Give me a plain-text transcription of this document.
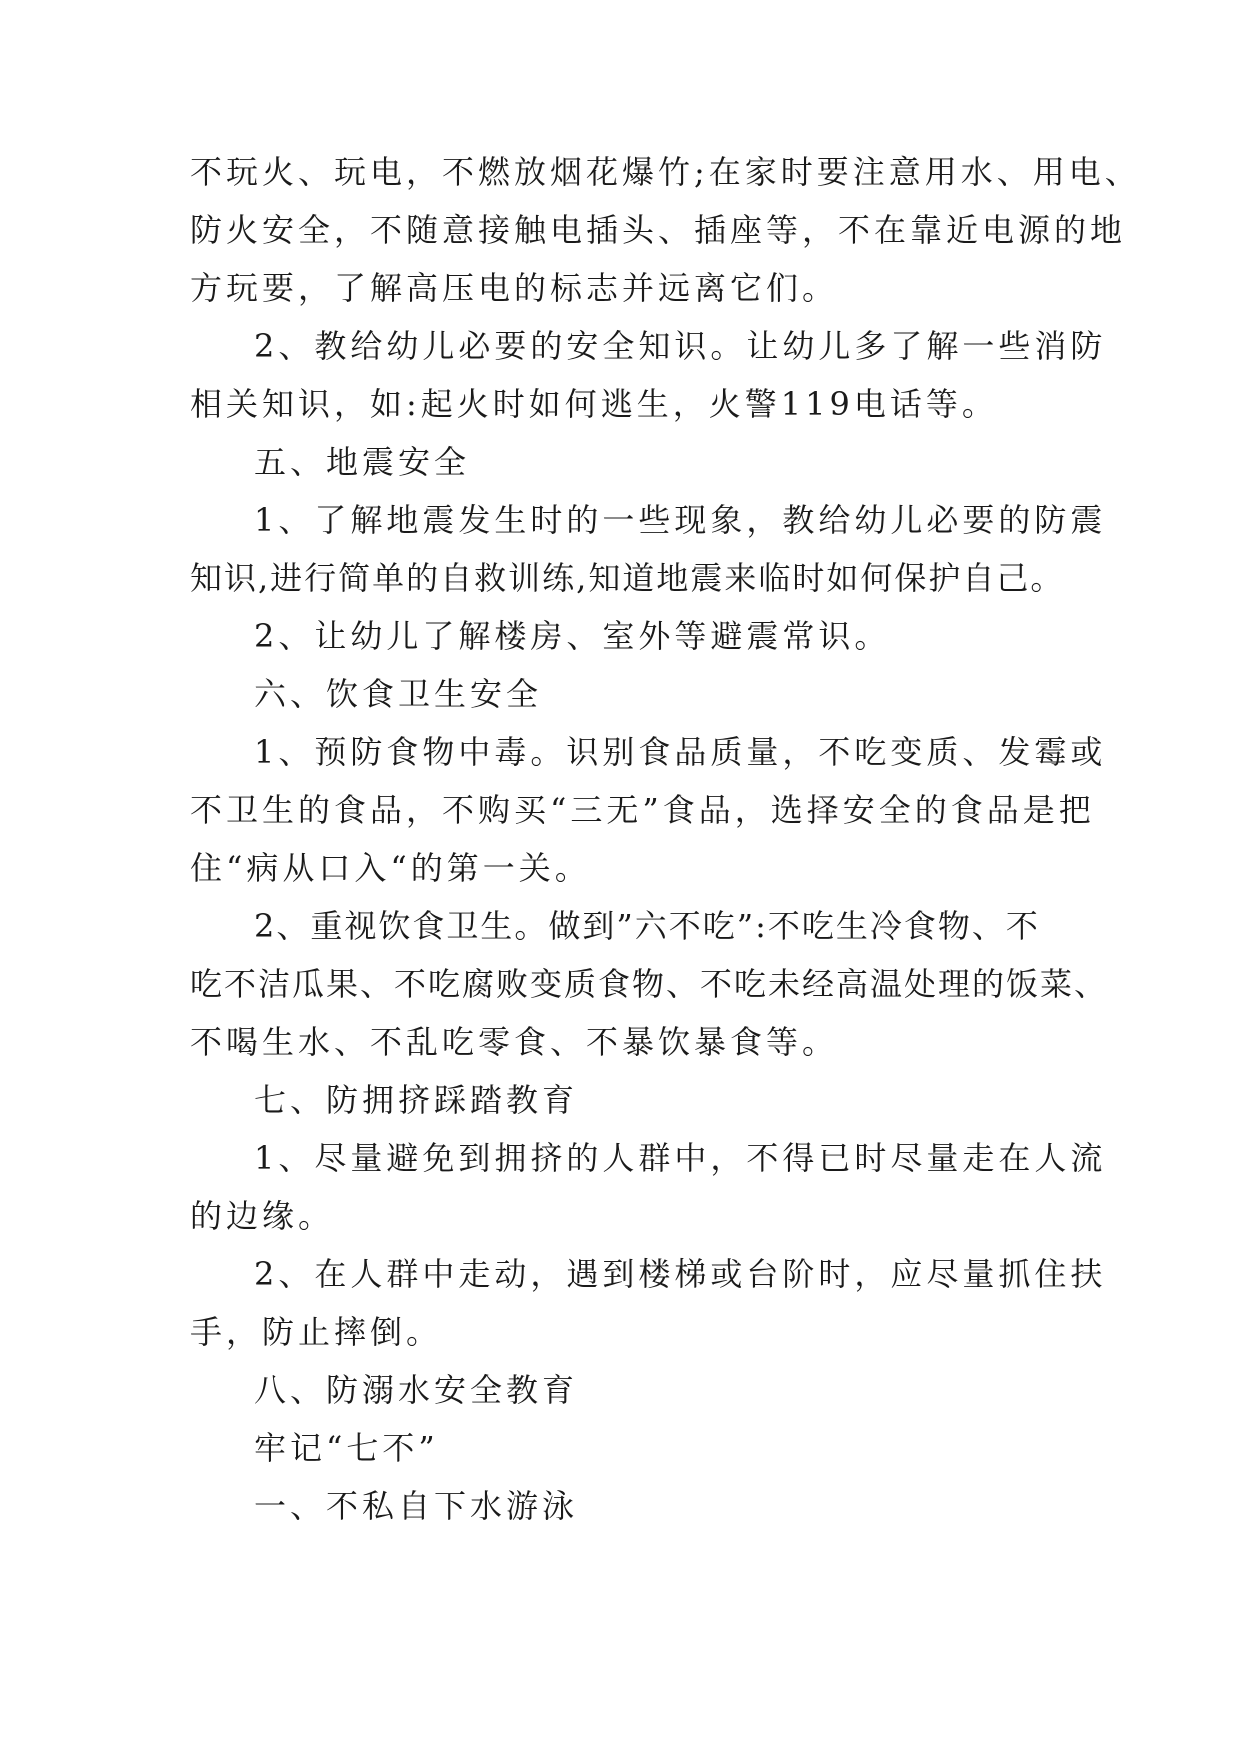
不玩火、玩电，不燃放烟花爆竹;在家时要注意用水、用电、
防火安全，不随意接触电插头、插座等，不在靠近电源的地
方玩要，了解高压电的标志并远离它们。
2、教给幼儿必要的安全知识。让幼儿多了解一些消防
相关知识，如:起火时如何逃生，火警119电话等。
五、地震安全
1、了解地震发生时的一些现象，教给幼儿必要的防震
知识,进行简单的自救训练,知道地震来临时如何保护自己。
2、让幼儿了解楼房、室外等避震常识。
六、饮食卫生安全
1、预防食物中毒。识别食品质量，不吃变质、发霉或
不卫生的食品，不购买“三无”食品，选择安全的食品是把
住“病从口入“的第一关。
2、重视饮食卫生。做到”六不吃”:不吃生冷食物、不
吃不洁瓜果、不吃腐败变质食物、不吃未经高温处理的饭菜、
不喝生水、不乱吃零食、不暴饮暴食等。
七、防拥挤踩踏教育
1、尽量避免到拥挤的人群中，不得已时尽量走在人流
的边缘。
2、在人群中走动，遇到楼梯或台阶时，应尽量抓住扶
手，防止摔倒。
八、防溺水安全教育
牢记“七不”
一、不私自下水游泳
